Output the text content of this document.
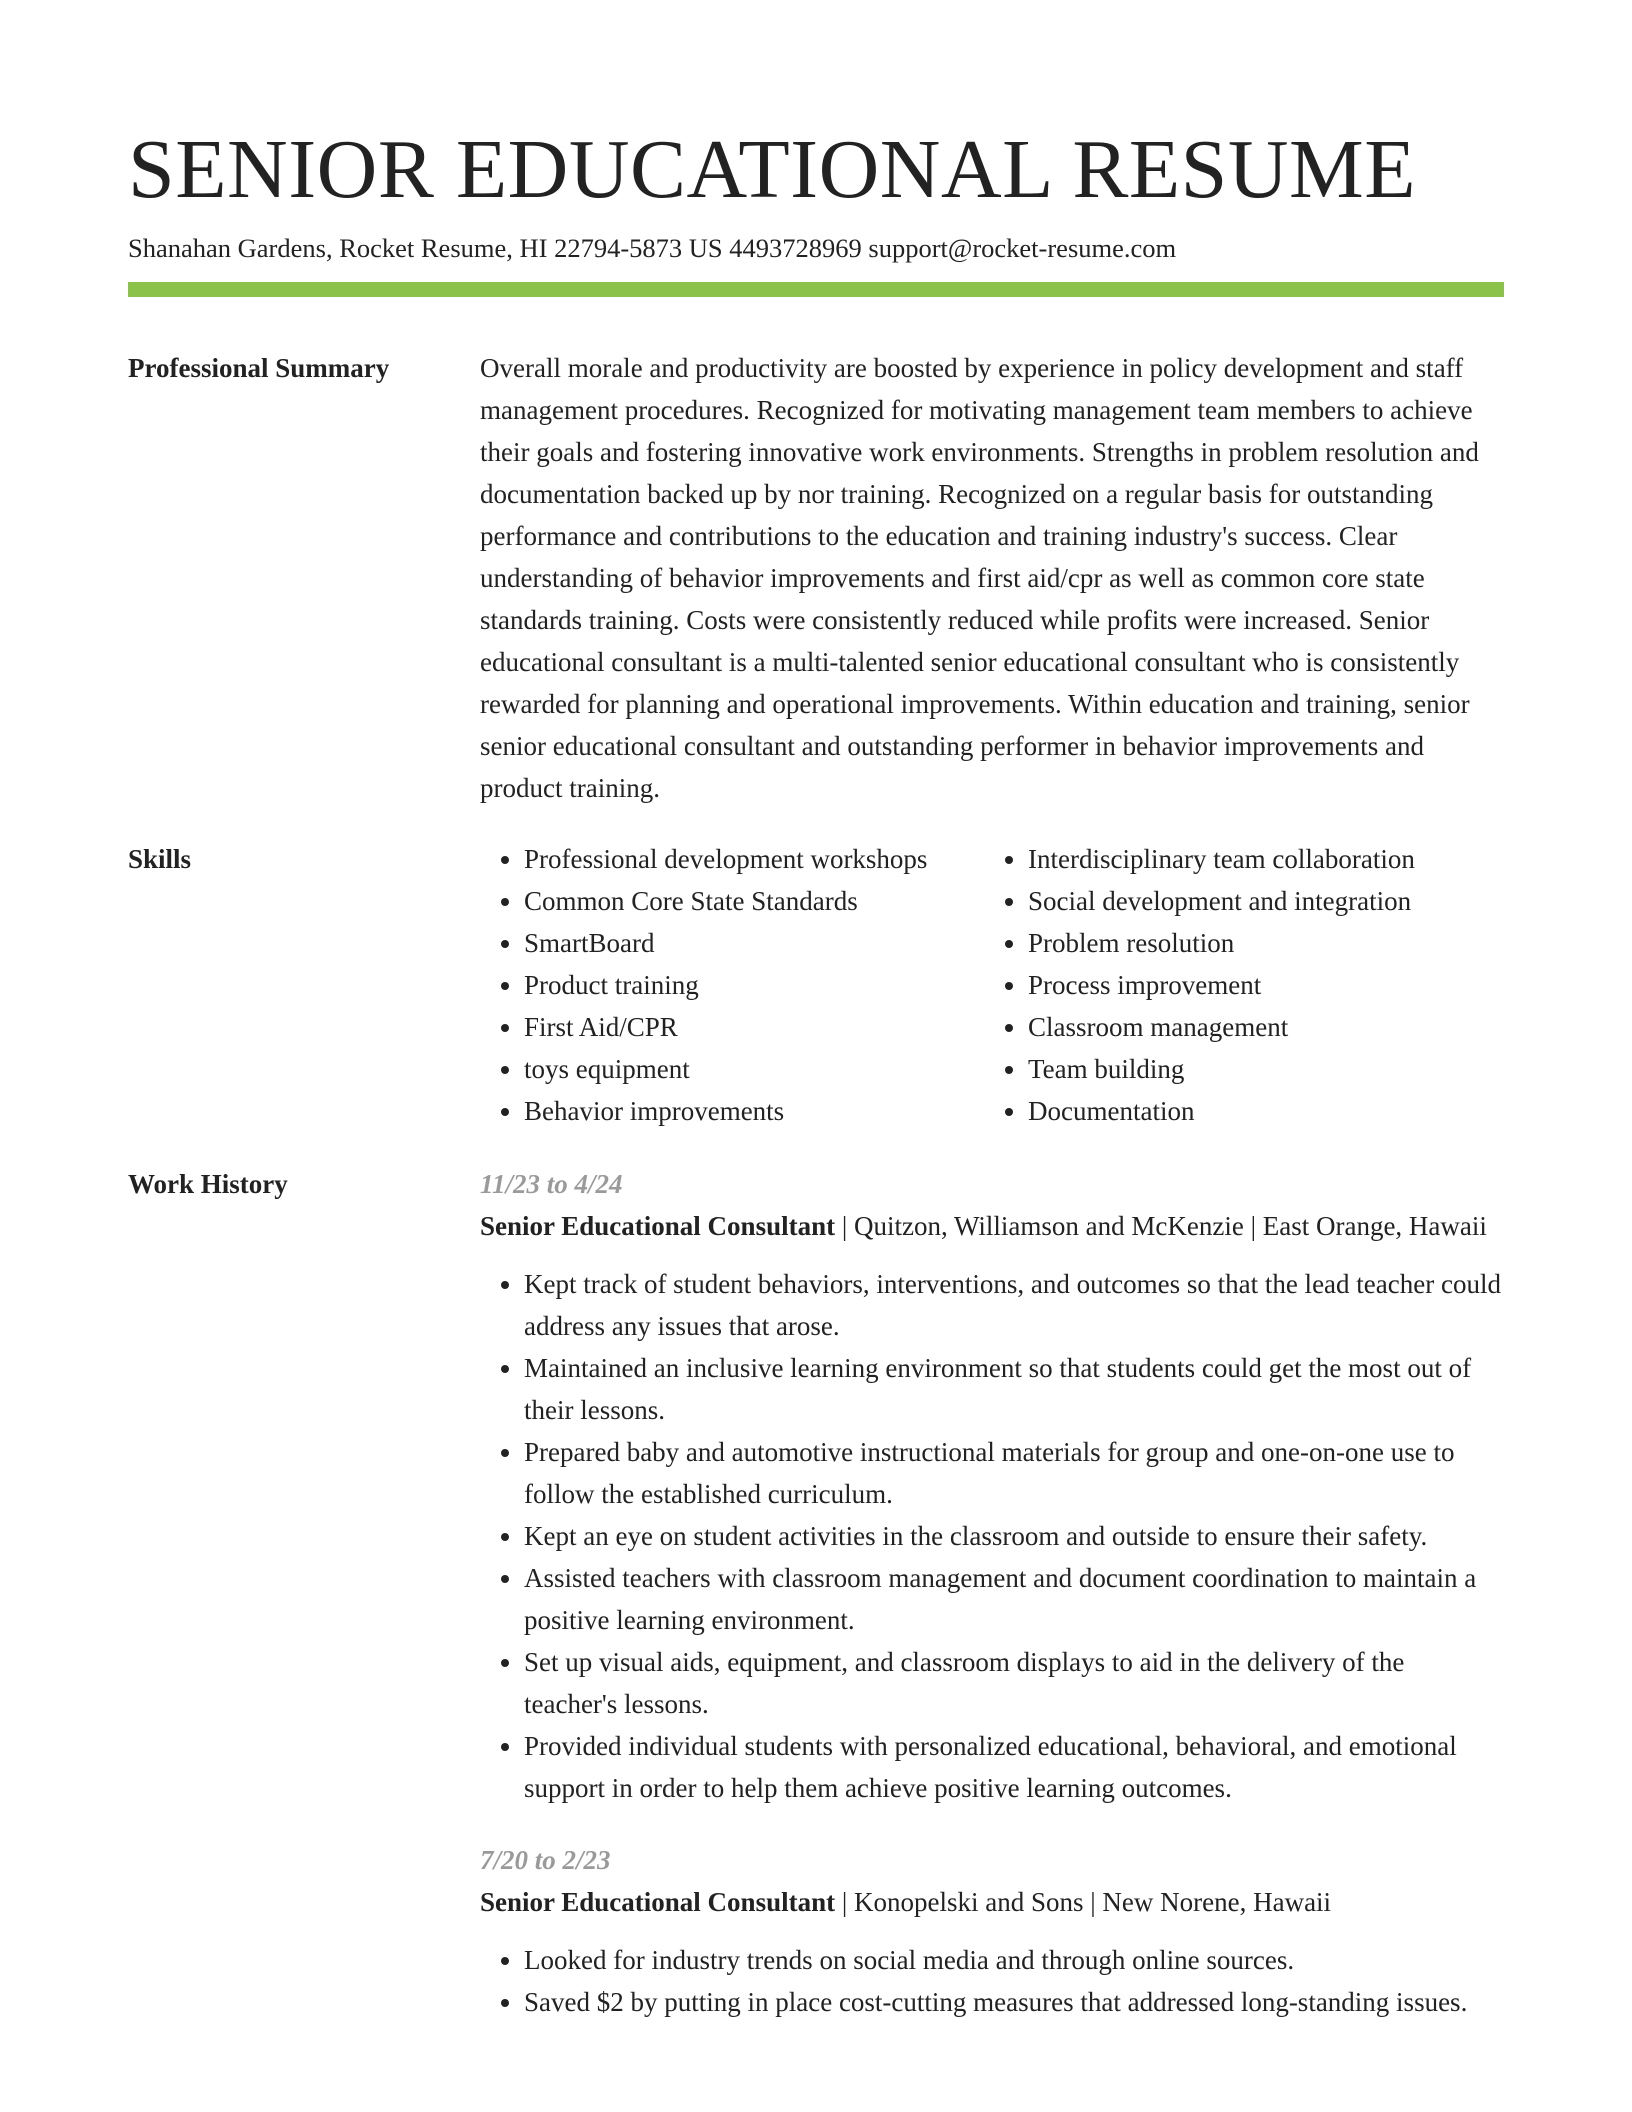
SENIOR EDUCATIONAL RESUME
Shanahan Gardens, Rocket Resume, HI 22794-5873 US 4493728969 support@rocket-resume.com
Professional Summary	Overall morale and productivity are boosted by experience in policy development and staff management procedures. Recognized for motivating management team members to achieve their goals and fostering innovative work environments. Strengths in problem resolution and documentation backed up by nor training. Recognized on a regular basis for outstanding performance and contributions to the education and training industry's success. Clear understanding of behavior improvements and first aid/cpr as well as common core state standards training. Costs were consistently reduced while profits were increased. Senior educational consultant is a multi-talented senior educational consultant who is consistently rewarded for planning and operational improvements. Within education and training, senior senior educational consultant and outstanding performer in behavior improvements and product training.

Skills
•	Professional development workshops
• Common Core State Standards
• SmartBoard
• Product training
• First Aid/CPR
• toys equipment
• Behavior improvements
• Interdisciplinary team collaboration
• Social development and integration
• Problem resolution
• Process improvement
• Classroom management
• Team building
• Documentation
Work History	11/23 to 4/24
Senior Educational Consultant | Quitzon, Williamson and McKenzie | East Orange, Hawaii
• Kept track of student behaviors, interventions, and outcomes so that the lead teacher could address any issues that arose.
• Maintained an inclusive learning environment so that students could get the most out of their lessons.
• Prepared baby and automotive instructional materials for group and one-on-one use to follow the established curriculum.
• Kept an eye on student activities in the classroom and outside to ensure their safety.
• Assisted teachers with classroom management and document coordination to maintain a positive learning environment.
• Set up visual aids, equipment, and classroom displays to aid in the delivery of the teacher's lessons.
• Provided individual students with personalized educational, behavioral, and emotional support in order to help them achieve positive learning outcomes.
7/20 to 2/23
Senior Educational Consultant | Konopelski and Sons | New Norene, Hawaii
• Looked for industry trends on social media and through online sources.
• Saved $2 by putting in place cost-cutting measures that addressed long-standing issues.
